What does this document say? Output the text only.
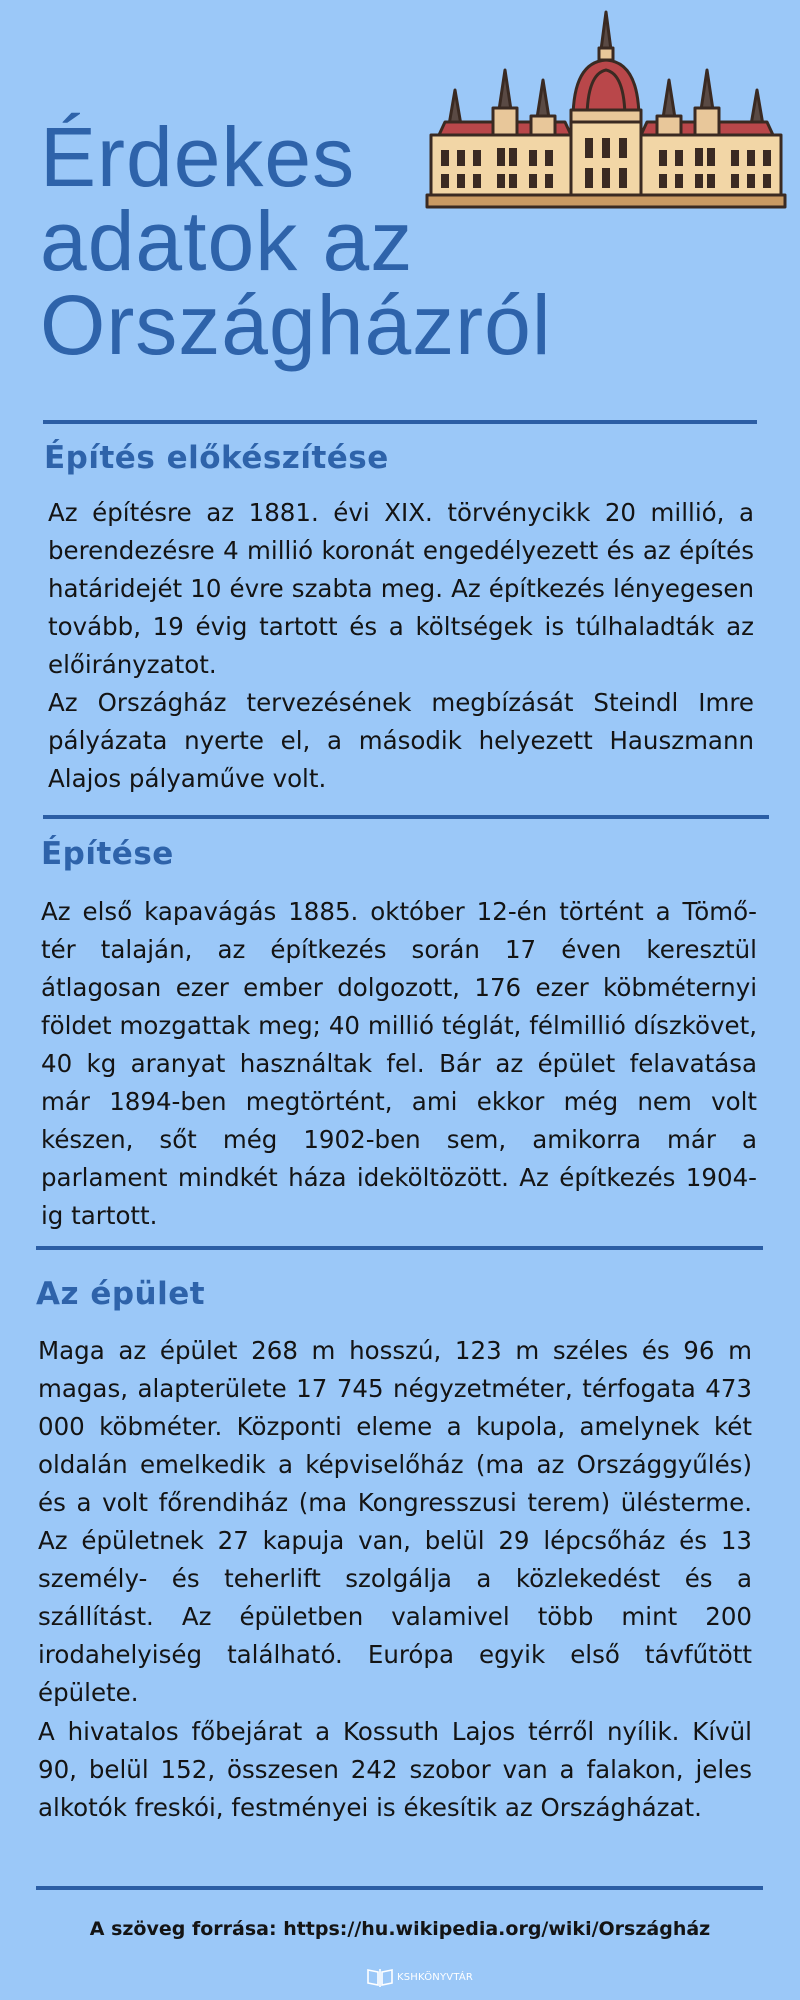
Érdekes adatok az Országházról
Építés előkészítése

Az építésre az 1881. évi XIX. törvénycikk 20 millió, a berendezésre 4 millió koronát engedélyezett és az építés határidejét 10 évre szabta meg. Az építkezés lényegesen tovább, 19 évig tartott és a költségek is túlhaladták az előirányzatot.

Az Országház tervezésének megbízását Steindl Imre pályázata nyerte el, a második helyezett Hauszmann Alajos pályaműve volt.

Építése

Az első kapavágás 1885. október 12-én történt a Tömő-tér talaján, az építkezés során 17 éven keresztül átlagosan ezer ember dolgozott, 176 ezer köbméternyi földet mozgattak meg; 40 millió téglát, félmillió díszkövet, 40 kg aranyat használtak fel. Bár az épület felavatása már 1894-ben megtörtént, ami ekkor még nem volt készen, sőt még 1902-ben sem, amikorra már a parlament mindkét háza ideköltözött. Az építkezés 1904-ig tartott.

Az épület

Maga az épület 268 m hosszú, 123 m széles és 96 m magas, alapterülete 17 745 négyzetméter, térfogata 473 000 köbméter. Központi eleme a kupola, amelynek két oldalán emelkedik a képviselőház (ma az Országgyűlés) és a volt főrendiház (ma Kongresszusi terem) ülésterme. Az épületnek 27 kapuja van, belül 29 lépcsőház és 13 személy- és teherlift szolgálja a közlekedést és a szállítást. Az épületben valamivel több mint 200 irodahelyiség található. Európa egyik első távfűtött épülete.

A hivatalos főbejárat a Kossuth Lajos térről nyílik. Kívül 90, belül 152, összesen 242 szobor van a falakon, jeles alkotók freskói, festményei is ékesítik az Országházat.

A szöveg forrása: https://hu.wikipedia.org/wiki/Országház
KSHKÖNYVTÁR
